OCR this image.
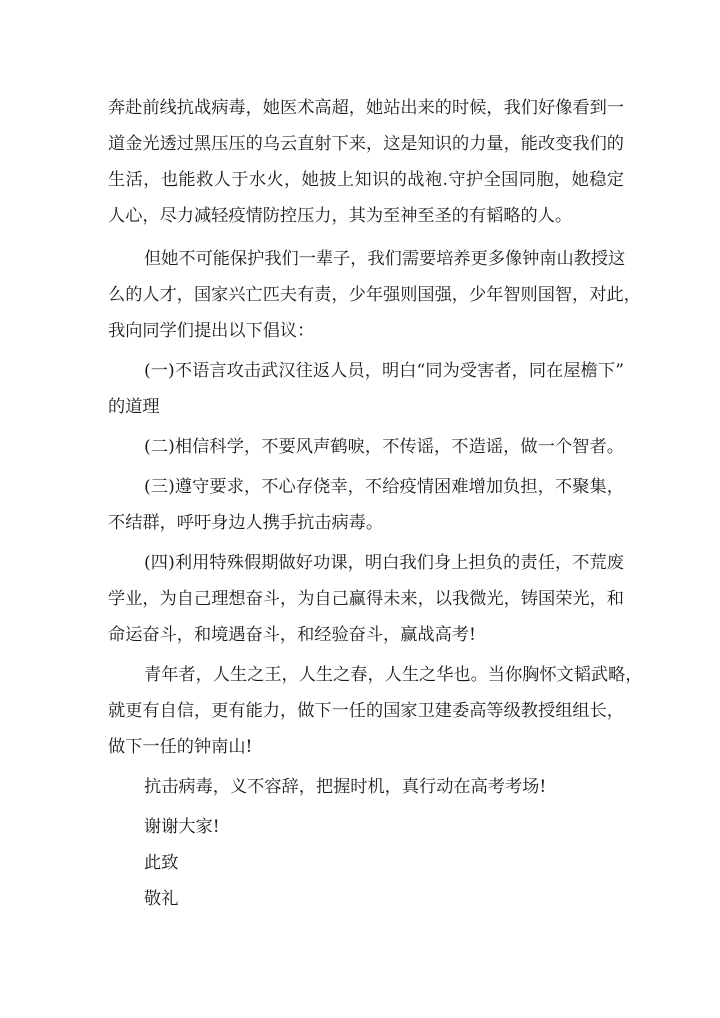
奔赴前线抗战病毒，她医术高超，她站出来的时候，我们好像看到一
道金光透过黑压压的乌云直射下来，这是知识的力量，能改变我们的
生活，也能救人于水火，她披上知识的战袍.守护全国同胞，她稳定
人心，尽力减轻疫情防控压力，其为至神至圣的有韬略的人。
但她不可能保护我们一辈子，我们需要培养更多像钟南山教授这
么的人才，国家兴亡匹夫有责，少年强则国强，少年智则国智，对此，
我向同学们提出以下倡议：
(一)不语言攻击武汉往返人员，明白“同为受害者，同在屋檐下”
的道理
(二)相信科学，不要风声鹤唳，不传谣，不造谣，做一个智者。
(三)遵守要求，不心存侥幸，不给疫情困难增加负担，不聚集，
不结群，呼吁身边人携手抗击病毒。
(四)利用特殊假期做好功课，明白我们身上担负的责任，不荒废
学业，为自己理想奋斗，为自己赢得未来，以我微光，铸国荣光，和
命运奋斗，和境遇奋斗，和经验奋斗，赢战高考!
青年者，人生之王，人生之春，人生之华也。当你胸怀文韬武略，
就更有自信，更有能力，做下一任的国家卫建委高等级教授组组长，
做下一任的钟南山!
抗击病毒，义不容辞，把握时机，真行动在高考考场!
谢谢大家!
此致
敬礼
